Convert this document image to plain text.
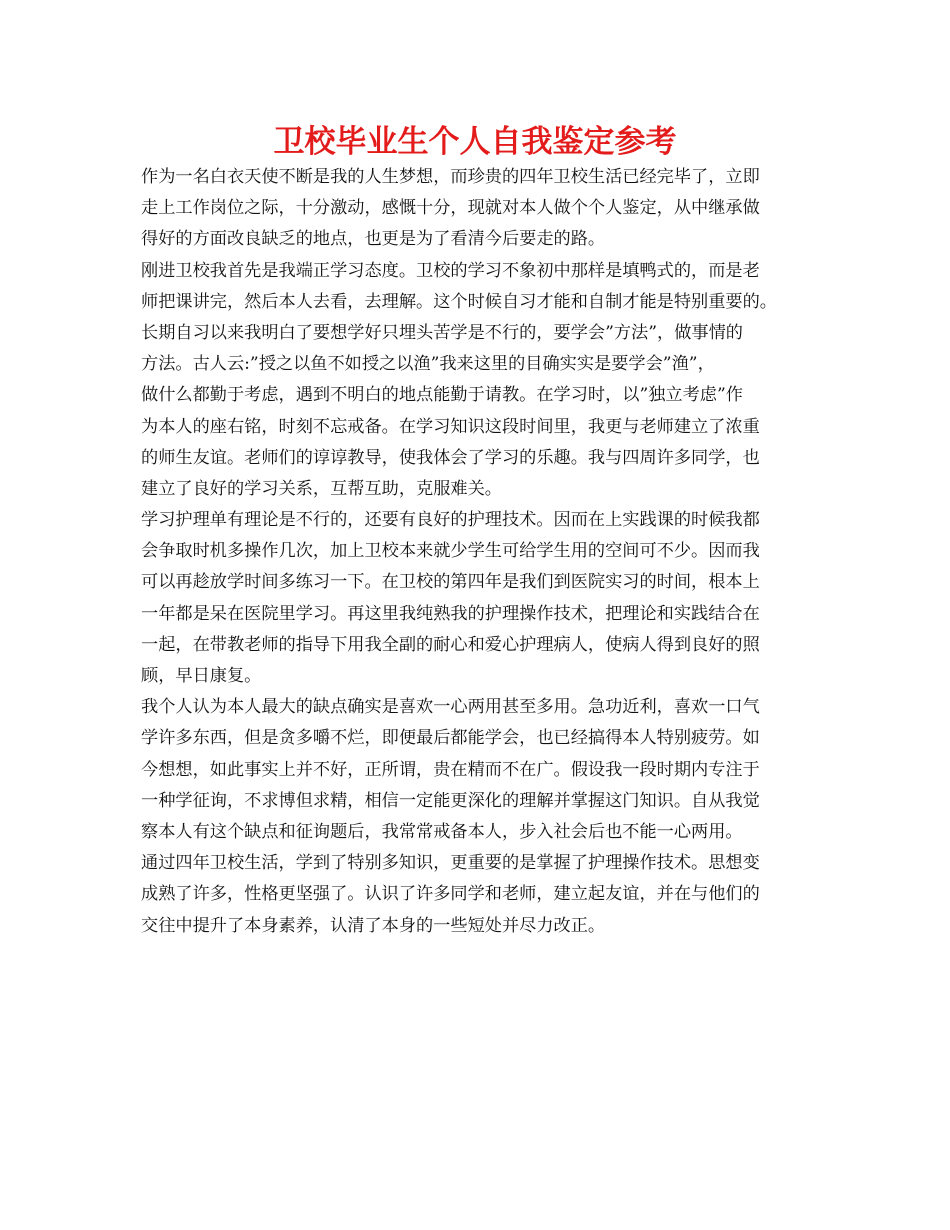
卫校毕业生个人自我鉴定参考
作为一名白衣天使不断是我的人生梦想，而珍贵的四年卫校生活已经完毕了，立即
走上工作岗位之际，十分激动，感慨十分，现就对本人做个个人鉴定，从中继承做
得好的方面改良缺乏的地点，也更是为了看清今后要走的路。
刚进卫校我首先是我端正学习态度。卫校的学习不象初中那样是填鸭式的，而是老
师把课讲完，然后本人去看，去理解。这个时候自习才能和自制才能是特别重要的。
长期自习以来我明白了要想学好只埋头苦学是不行的，要学会”方法”，做事情的
方法。古人云:”授之以鱼不如授之以渔”我来这里的目确实实是要学会”渔”，
做什么都勤于考虑，遇到不明白的地点能勤于请教。在学习时，以”独立考虑”作
为本人的座右铭，时刻不忘戒备。在学习知识这段时间里，我更与老师建立了浓重
的师生友谊。老师们的谆谆教导，使我体会了学习的乐趣。我与四周许多同学，也
建立了良好的学习关系，互帮互助，克服难关。
学习护理单有理论是不行的，还要有良好的护理技术。因而在上实践课的时候我都
会争取时机多操作几次，加上卫校本来就少学生可给学生用的空间可不少。因而我
可以再趁放学时间多练习一下。在卫校的第四年是我们到医院实习的时间，根本上
一年都是呆在医院里学习。再这里我纯熟我的护理操作技术，把理论和实践结合在
一起，在带教老师的指导下用我全副的耐心和爱心护理病人，使病人得到良好的照
顾，早日康复。
我个人认为本人最大的缺点确实是喜欢一心两用甚至多用。急功近利，喜欢一口气
学许多东西，但是贪多嚼不烂，即便最后都能学会，也已经搞得本人特别疲劳。如
今想想，如此事实上并不好，正所谓，贵在精而不在广。假设我一段时期内专注于
一种学征询，不求博但求精，相信一定能更深化的理解并掌握这门知识。自从我觉
察本人有这个缺点和征询题后，我常常戒备本人，步入社会后也不能一心两用。
通过四年卫校生活，学到了特别多知识，更重要的是掌握了护理操作技术。思想变
成熟了许多，性格更坚强了。认识了许多同学和老师，建立起友谊，并在与他们的
交往中提升了本身素养，认清了本身的一些短处并尽力改正。
